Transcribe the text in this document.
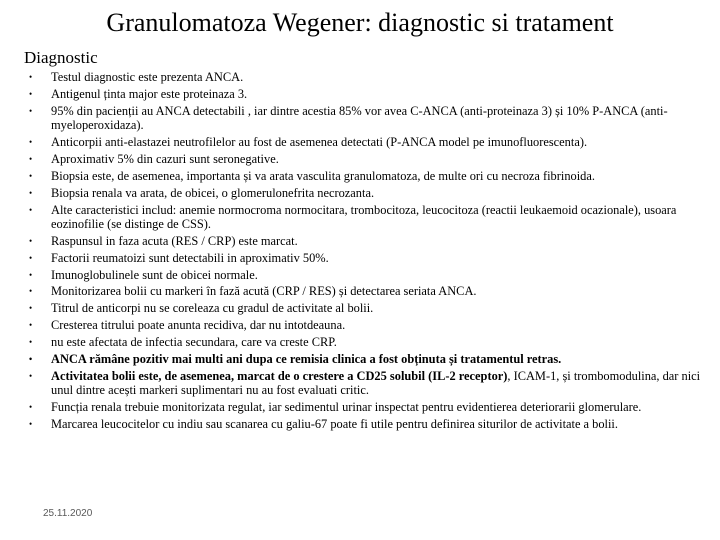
Granulomatoza Wegener: diagnostic si tratament
Diagnostic
• Testul diagnostic este prezenta ANCA.
• Antigenul ținta major este proteinaza 3.
• 95% din pacienții au ANCA detectabili , iar dintre acestia 85% vor avea C-ANCA (anti-proteinaza 3) și 10% P-ANCA (anti-myeloperoxidaza).
• Anticorpii anti-elastazei neutrofilelor au fost de asemenea detectati (P-ANCA model pe imunofluorescenta).
• Aproximativ 5% din cazuri sunt seronegative.
• Biopsia este, de asemenea, importanta și va arata vasculita granulomatoza, de multe ori cu necroza fibrinoida.
• Biopsia renala va arata, de obicei, o glomerulonefrita necrozanta.
• Alte caracteristici includ: anemie normocroma normocitara, trombocitoza, leucocitoza (reactii leukaemoid ocazionale), usoara eozinofilie (se distinge de CSS).
• Raspunsul in faza acuta (RES / CRP) este marcat.
• Factorii reumatoizi sunt detectabili in aproximativ 50%.
• Imunoglobulinele sunt de obicei normale.
• Monitorizarea bolii cu markeri în fază acută (CRP / RES) și detectarea seriata ANCA.
• Titrul de anticorpi nu se coreleaza cu gradul de activitate al bolii.
• Cresterea titrului poate anunta recidiva, dar nu intotdeauna.
• nu este afectata de infectia secundara, care va creste CRP.
• ANCA rămâne pozitiv mai multi ani dupa ce remisia clinica a fost obținuta și tratamentul retras.
• Activitatea bolii este, de asemenea, marcat de o crestere a CD25 solubil (IL-2 receptor), ICAM-1, și trombomodulina, dar nici unul dintre acești markeri suplimentari nu au fost evaluati critic.
• Funcția renala trebuie monitorizata regulat, iar sedimentul urinar inspectat pentru evidentierea deteriorarii glomerulare.
• Marcarea leucocitelor cu indiu sau scanarea cu galiu-67 poate fi utile pentru definirea siturilor de activitate a bolii.
25.11.2020
